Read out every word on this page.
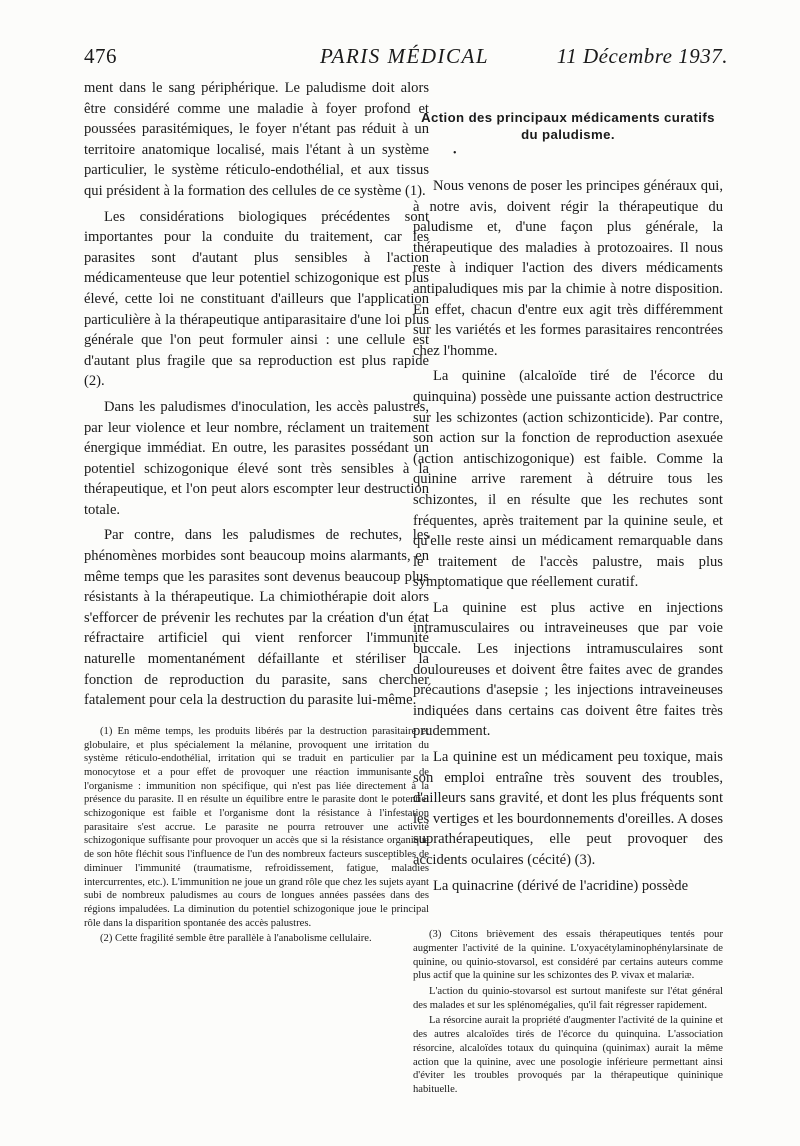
476	PARIS MÉDICAL	11 Décembre 1937.

ment dans le sang périphérique. Le paludisme doit alors être considéré comme une maladie à foyer profond et poussées parasitémiques, le foyer n'étant pas réduit à un territoire anatomique localisé, mais l'étant à un système particulier, le système réticulo-endothélial, et aux tissus qui président à la formation des cellules de ce système (1).

Les considérations biologiques précédentes sont importantes pour la conduite du traitement, car les parasites sont d'autant plus sensibles à l'action médicamenteuse que leur potentiel schizogonique est plus élevé, cette loi ne constituant d'ailleurs que l'application particulière à la thérapeutique antiparasitaire d'une loi plus générale que l'on peut formuler ainsi : une cellule est d'autant plus fragile que sa reproduction est plus rapide (2).

Dans les paludismes d'inoculation, les accès palustres, par leur violence et leur nombre, réclament un traitement énergique immédiat. En outre, les parasites possédant un potentiel schizogonique élevé sont très sensibles à la thérapeutique, et l'on peut alors escompter leur destruction totale.

Par contre, dans les paludismes de rechutes, les phénomènes morbides sont beaucoup moins alarmants, en même temps que les parasites sont devenus beaucoup plus résistants à la thérapeutique. La chimiothérapie doit alors s'efforcer de prévenir les rechutes par la création d'un état réfractaire artificiel qui vient renforcer l'immunité naturelle momentanément défaillante et stériliser la fonction de reproduction du parasite, sans chercher fatalement pour cela la destruction du parasite lui-même.

(1) En même temps, les produits libérés par la destruction parasitaire et globulaire, et plus spécialement la mélanine, provoquent une irritation du système réticulo-endothélial, irritation qui se traduit en particulier par la monocytose et a pour effet de provoquer une réaction immunisante de l'organisme : immunition non spécifique, qui n'est pas liée directement à la présence du parasite. Il en résulte un équilibre entre le parasite dont le potentiel schizogonique est faible et l'organisme dont la résistance à l'infestation parasitaire s'est accrue. Le parasite ne pourra retrouver une activité schizogonique suffisante pour provoquer un accès que si la résistance organique de son hôte fléchit sous l'influence de l'un des nombreux facteurs susceptibles de diminuer l'immunité (traumatisme, refroidissement, fatigue, maladies intercurrentes, etc.). L'immunition ne joue un grand rôle que chez les sujets ayant subi de nombreux paludismes au cours de longues années passées dans des régions impaludées. La diminution du potentiel schizogonique joue le principal rôle dans la disparition spontanée des accès palustres.

(2) Cette fragilité semble être parallèle à l'anabolisme cellulaire.

Action des principaux médicaments curatifs du paludisme.
•

Nous venons de poser les principes généraux qui, à notre avis, doivent régir la thérapeutique du paludisme et, d'une façon plus générale, la thérapeutique des maladies à protozoaires. Il nous reste à indiquer l'action des divers médicaments antipaludiques mis par la chimie à notre disposition. En effet, chacun d'entre eux agit très différemment sur les variétés et les formes parasitaires rencontrées chez l'homme.

La quinine (alcaloïde tiré de l'écorce du quinquina) possède une puissante action destructrice sur les schizontes (action schizonticide). Par contre, son action sur la fonction de reproduction asexuée (action antischizogonique) est faible. Comme la quinine arrive rarement à détruire tous les schizontes, il en résulte que les rechutes sont fréquentes, après traitement par la quinine seule, et qu'elle reste ainsi un médicament remarquable dans le traitement de l'accès palustre, mais plus symptomatique que réellement curatif.

La quinine est plus active en injections intramusculaires ou intraveineuses que par voie buccale. Les injections intramusculaires sont douloureuses et doivent être faites avec de grandes précautions d'asepsie ; les injections intraveineuses indiquées dans certains cas doivent être faites très prudemment.

La quinine est un médicament peu toxique, mais son emploi entraîne très souvent des troubles, d'ailleurs sans gravité, et dont les plus fréquents sont les vertiges et les bourdonnements d'oreilles. A doses suprathérapeutiques, elle peut provoquer des accidents oculaires (cécité) (3).

La quinacrine (dérivé de l'acridine) possède

(3) Citons brièvement des essais thérapeutiques tentés pour augmenter l'activité de la quinine. L'oxyacétylaminophénylarsinate de quinine, ou quinio-stovarsol, est considéré par certains auteurs comme plus actif que la quinine sur les schizontes des P. vivax et malariæ.

L'action du quinio-stovarsol est surtout manifeste sur l'état général des malades et sur les splénomégalies, qu'il fait régresser rapidement.

La résorcine aurait la propriété d'augmenter l'activité de la quinine et des autres alcaloïdes tirés de l'écorce du quinquina. L'association résorcine, alcaloïdes totaux du quinquina (quinimax) aurait la même action que la quinine, avec une posologie inférieure permettant ainsi d'éviter les troubles provoqués par la thérapeutique quininique habituelle.
